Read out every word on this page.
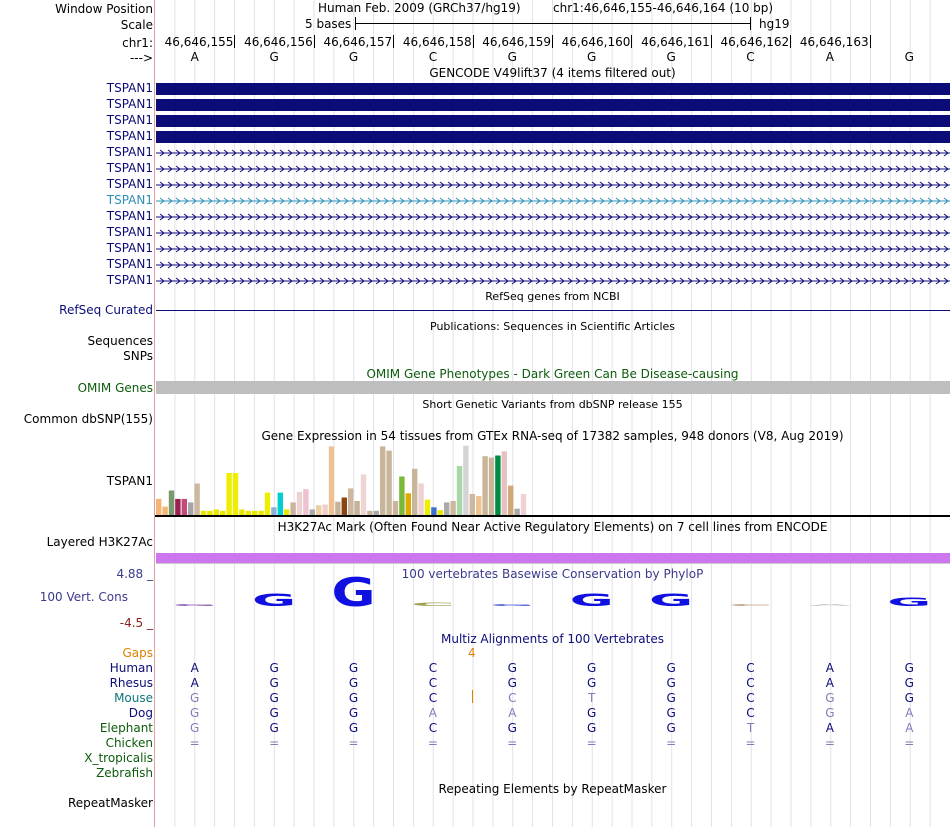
Window Position
Scale
chr1:
--->
Human Feb. 2009 (GRCh37/hg19)	chr1:46,646,155-46,646,164 (10 bp)
5 bases	hg19
46,646,155 46,646,156 46,646,157 46,646,158 46,646,159 46,646,160 46,646,161 46,646,162 46,646,163
A	G	G	C	G	G	G	C	A	G
GENCODE V49lift37 (4 items filtered out)
TSPAN1
TSPAN1
TSPAN1
TSPAN1
TSPAN1
TSPAN1
TSPAN1
TSPAN1
TSPAN1
TSPAN1
TSPAN1
TSPAN1
TSPAN1
RefSeq genes from NCBI
RefSeq Curated
Publications: Sequences in Scientific Articles
Sequences
SNPs
OMIM Gene Phenotypes - Dark Green Can Be Disease-causing
OMIM Genes
Short Genetic Variants from dbSNP release 155
Common dbSNP(155)
Gene Expression in 54 tissues from GTEx RNA-seq of 17382 samples, 948 donors (V8, Aug 2019)
TSPAN1
H3K27Ac Mark (Often Found Near Active Regulatory Elements) on 7 cell lines from ENCODE
Layered H3K27Ac
100 vertebrates Basewise Conservation by PhyloP
4.88 _
100 Vert. Cons
-4.5 _
G G G C G G G C A G
Multiz Alignments of 100 Vertebrates
Gaps	4
Human	A	G	G	C	G	G	G	C	A	G
Rhesus	A	G	G	C	G	G	G	C	A	G
Mouse	G	G	G	C	C	T	G	C	G	G
Dog	G	G	G	A	A	G	G	C	G	A
Elephant	G	G	G	C	G	G	G	T	A	A
Chicken	=	=	=	=	=	=	=	=	=	=
X_tropicalis
Zebrafish
Repeating Elements by RepeatMasker
RepeatMasker
